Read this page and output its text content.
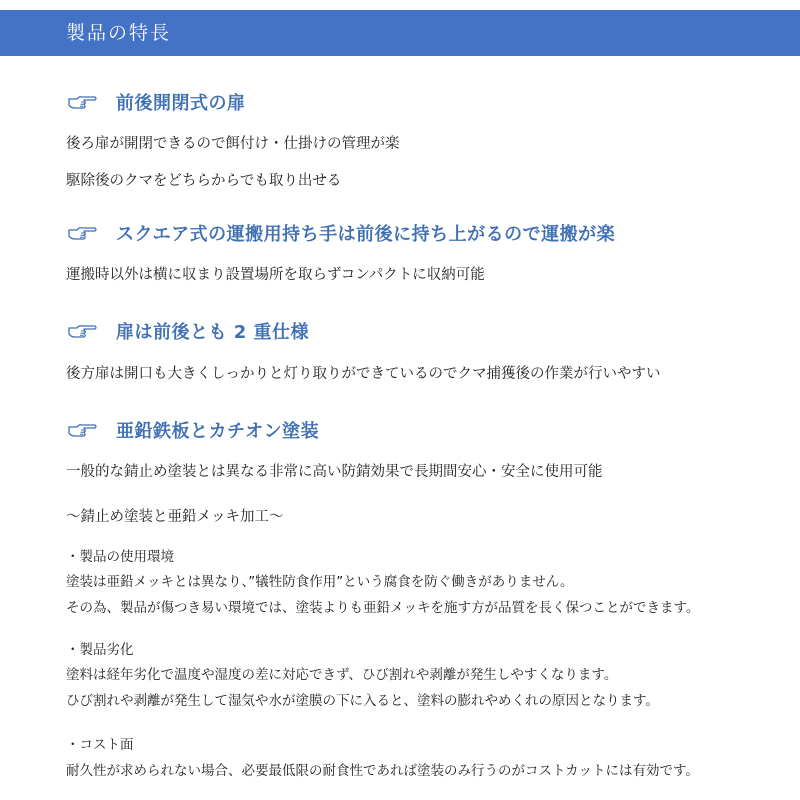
製品の特長
前後開閉式の扉
後ろ扉が開閉できるので餌付け・仕掛けの管理が楽
駆除後のクマをどちらからでも取り出せる
スクエア式の運搬用持ち手は前後に持ち上がるので運搬が楽
運搬時以外は横に収まり設置場所を取らずコンパクトに収納可能
扉は前後とも 2 重仕様
後方扉は開口も大きくしっかりと灯り取りができているのでクマ捕獲後の作業が行いやすい
亜鉛鉄板とカチオン塗装
一般的な錆止め塗装とは異なる非常に高い防錆効果で長期間安心・安全に使用可能
～錆止め塗装と亜鉛メッキ加工～
・製品の使用環境
塗装は亜鉛メッキとは異なり、”犠牲防食作用”という腐食を防ぐ働きがありません。
その為、製品が傷つき易い環境では、塗装よりも亜鉛メッキを施す方が品質を長く保つことができます。
・製品劣化
塗料は経年劣化で温度や湿度の差に対応できず、ひび割れや剥離が発生しやすくなります。
ひび割れや剥離が発生して湿気や水が塗膜の下に入ると、塗料の膨れやめくれの原因となります。
・コスト面
耐久性が求められない場合、必要最低限の耐食性であれば塗装のみ行うのがコストカットには有効です。
